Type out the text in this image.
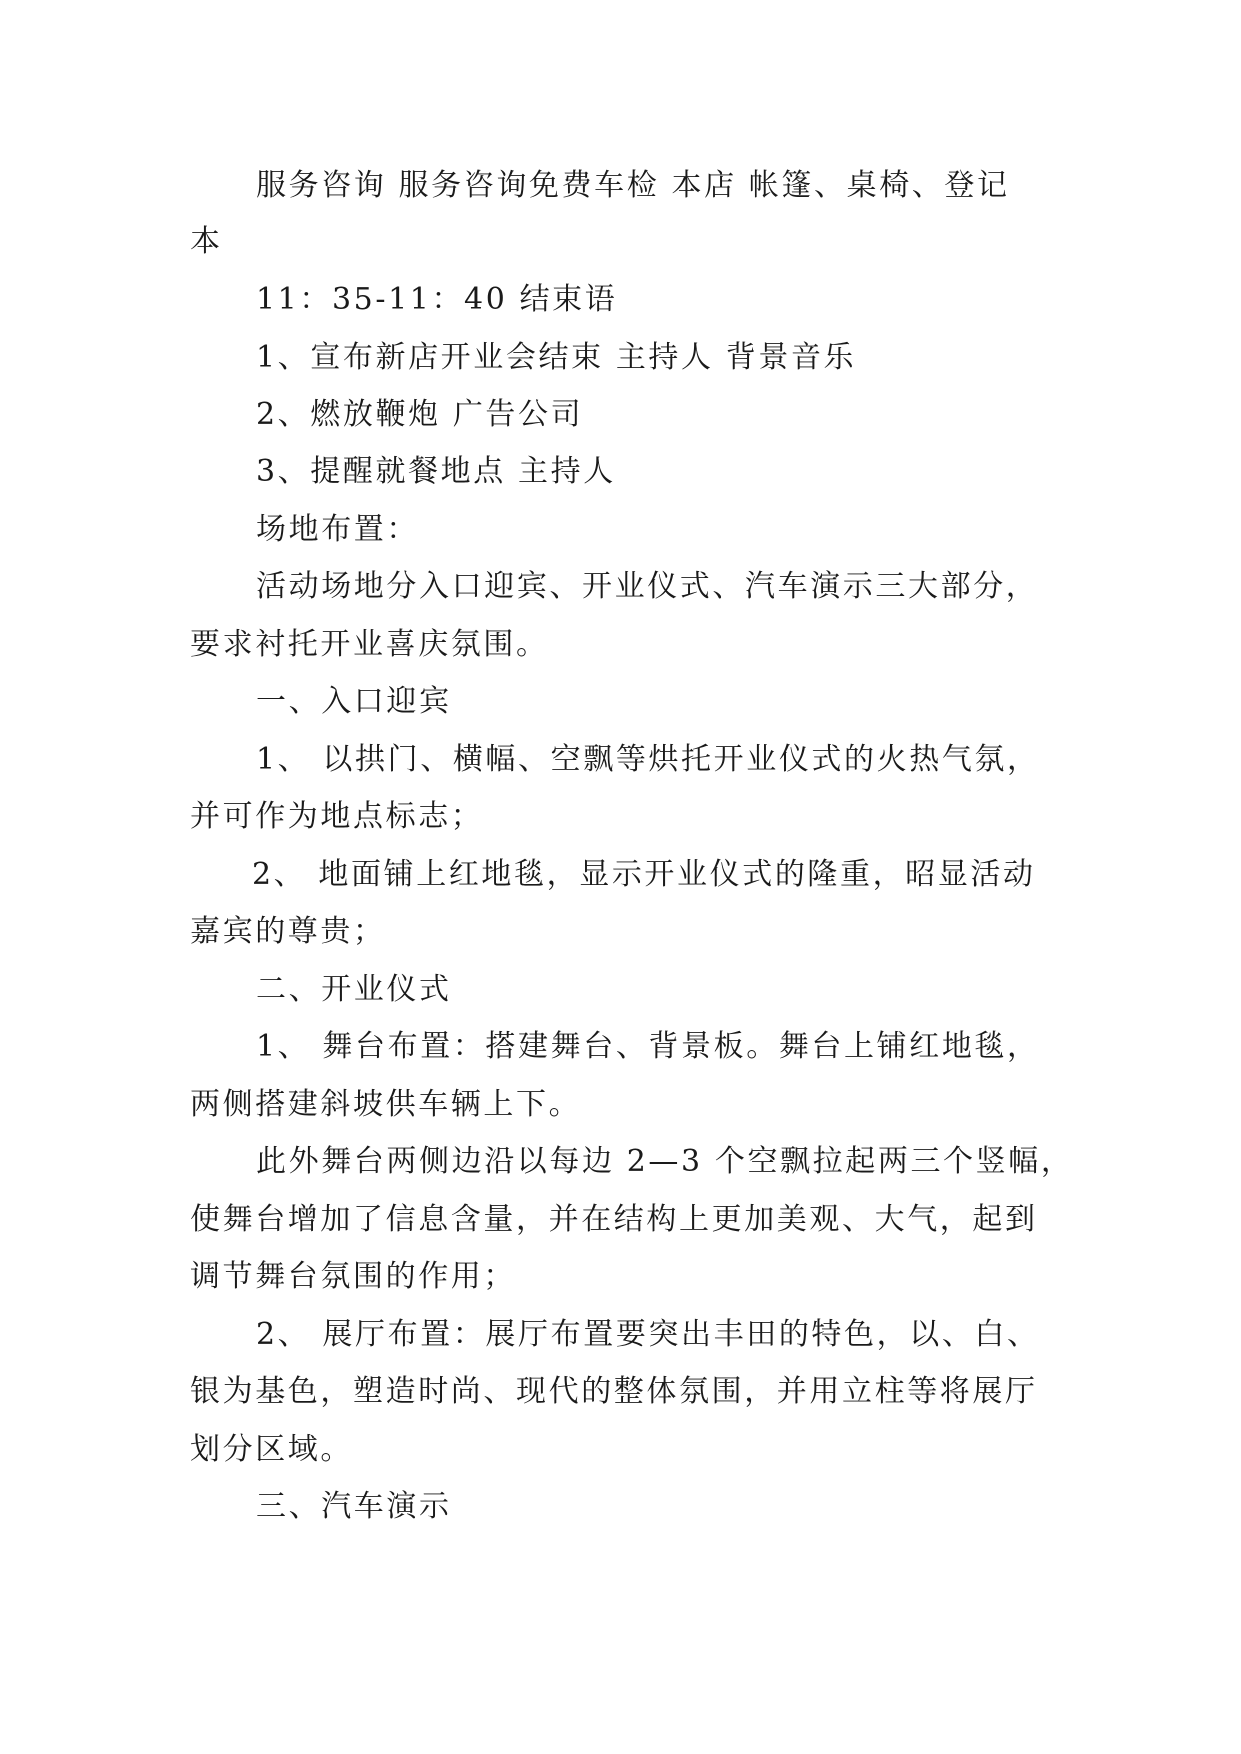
服务咨询 服务咨询免费车检 本店 帐篷、桌椅、登记
本
11：35-11：40 结束语
1、宣布新店开业会结束 主持人 背景音乐
2、燃放鞭炮 广告公司
3、提醒就餐地点 主持人
场地布置：
活动场地分入口迎宾、开业仪式、汽车演示三大部分，
要求衬托开业喜庆氛围。
一、入口迎宾
1、 以拱门、横幅、空飘等烘托开业仪式的火热气氛，
并可作为地点标志；
2、 地面铺上红地毯，显示开业仪式的隆重，昭显活动
嘉宾的尊贵；
二、开业仪式
1、 舞台布置：搭建舞台、背景板。舞台上铺红地毯，
两侧搭建斜坡供车辆上下。
此外舞台两侧边沿以每边 2—3 个空飘拉起两三个竖幅，
使舞台增加了信息含量，并在结构上更加美观、大气，起到
调节舞台氛围的作用；
2、 展厅布置：展厅布置要突出丰田的特色，以、白、
银为基色，塑造时尚、现代的整体氛围，并用立柱等将展厅
划分区域。
三、汽车演示
